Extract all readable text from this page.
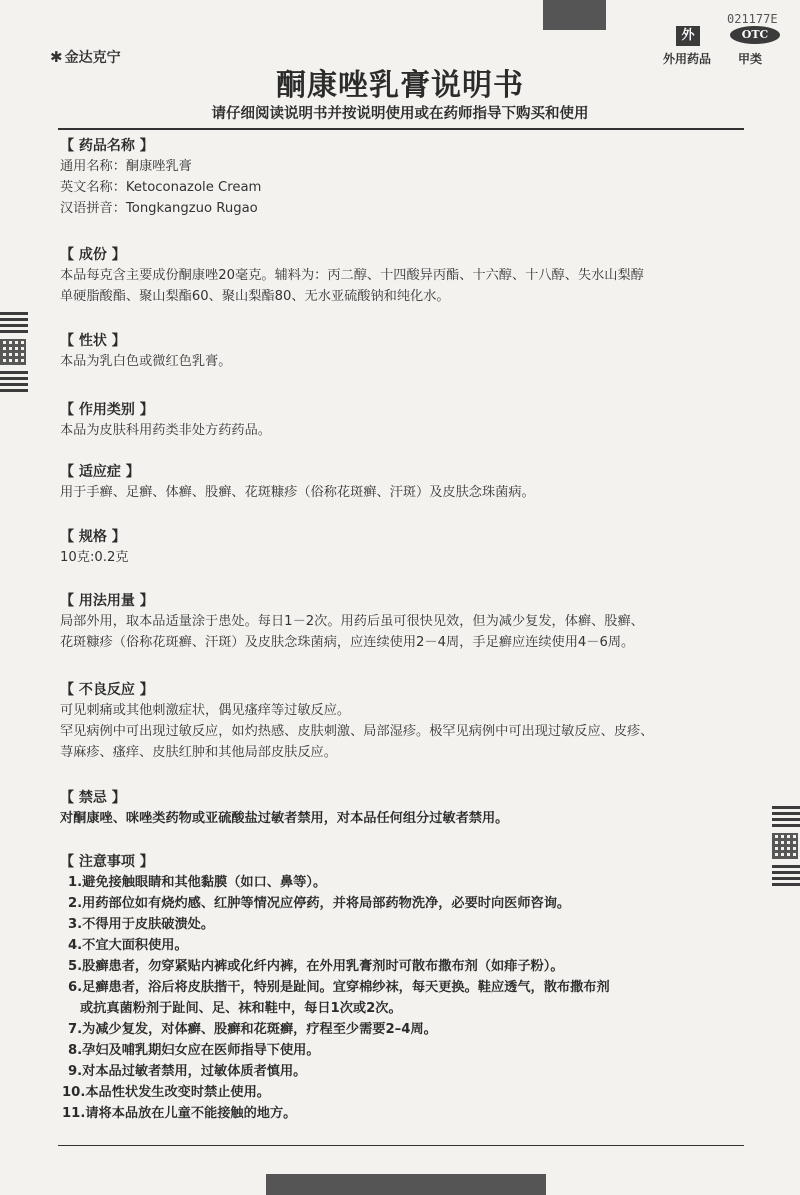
✱ 金达克宁
021177E
外	OTC
外用药品 甲类
酮康唑乳膏说明书
请仔细阅读说明书并按说明使用或在药师指导下购买和使用
【 药品名称 】
通用名称：酮康唑乳膏
英文名称：Ketoconazole Cream
汉语拼音：Tongkangzuo Rugao
【 成份 】
本品每克含主要成份酮康唑20毫克。辅料为：丙二醇、十四酸异丙酯、十六醇、十八醇、失水山梨醇
单硬脂酸酯、聚山梨酯60、聚山梨酯80、无水亚硫酸钠和纯化水。
【 性状 】
本品为乳白色或微红色乳膏。
【 作用类别 】
本品为皮肤科用药类非处方药药品。
【 适应症 】
用于手癣、足癣、体癣、股癣、花斑糠疹（俗称花斑癣、汗斑）及皮肤念珠菌病。
【 规格 】
10克:0.2克
【 用法用量 】
局部外用，取本品适量涂于患处。每日1－2次。用药后虽可很快见效，但为减少复发，体癣、股癣、
花斑糠疹（俗称花斑癣、汗斑）及皮肤念珠菌病，应连续使用2－4周，手足癣应连续使用4－6周。
【 不良反应 】
可见刺痛或其他刺激症状，偶见瘙痒等过敏反应。
罕见病例中可出现过敏反应，如灼热感、皮肤刺激、局部湿疹。极罕见病例中可出现过敏反应、皮疹、
荨麻疹、瘙痒、皮肤红肿和其他局部皮肤反应。
【 禁忌 】
对酮康唑、咪唑类药物或亚硫酸盐过敏者禁用，对本品任何组分过敏者禁用。
【 注意事项 】
1.避免接触眼睛和其他黏膜（如口、鼻等）。
2.用药部位如有烧灼感、红肿等情况应停药，并将局部药物洗净，必要时向医师咨询。
3.不得用于皮肤破溃处。
4.不宜大面积使用。
5.股癣患者，勿穿紧贴内裤或化纤内裤，在外用乳膏剂时可散布撒布剂（如痱子粉）。
6.足癣患者，浴后将皮肤揩干，特别是趾间。宜穿棉纱袜，每天更换。鞋应透气，散布撒布剂
或抗真菌粉剂于趾间、足、袜和鞋中，每日1次或2次。
7.为减少复发，对体癣、股癣和花斑癣，疗程至少需要2–4周。
8.孕妇及哺乳期妇女应在医师指导下使用。
9.对本品过敏者禁用，过敏体质者慎用。
10.本品性状发生改变时禁止使用。
11.请将本品放在儿童不能接触的地方。
